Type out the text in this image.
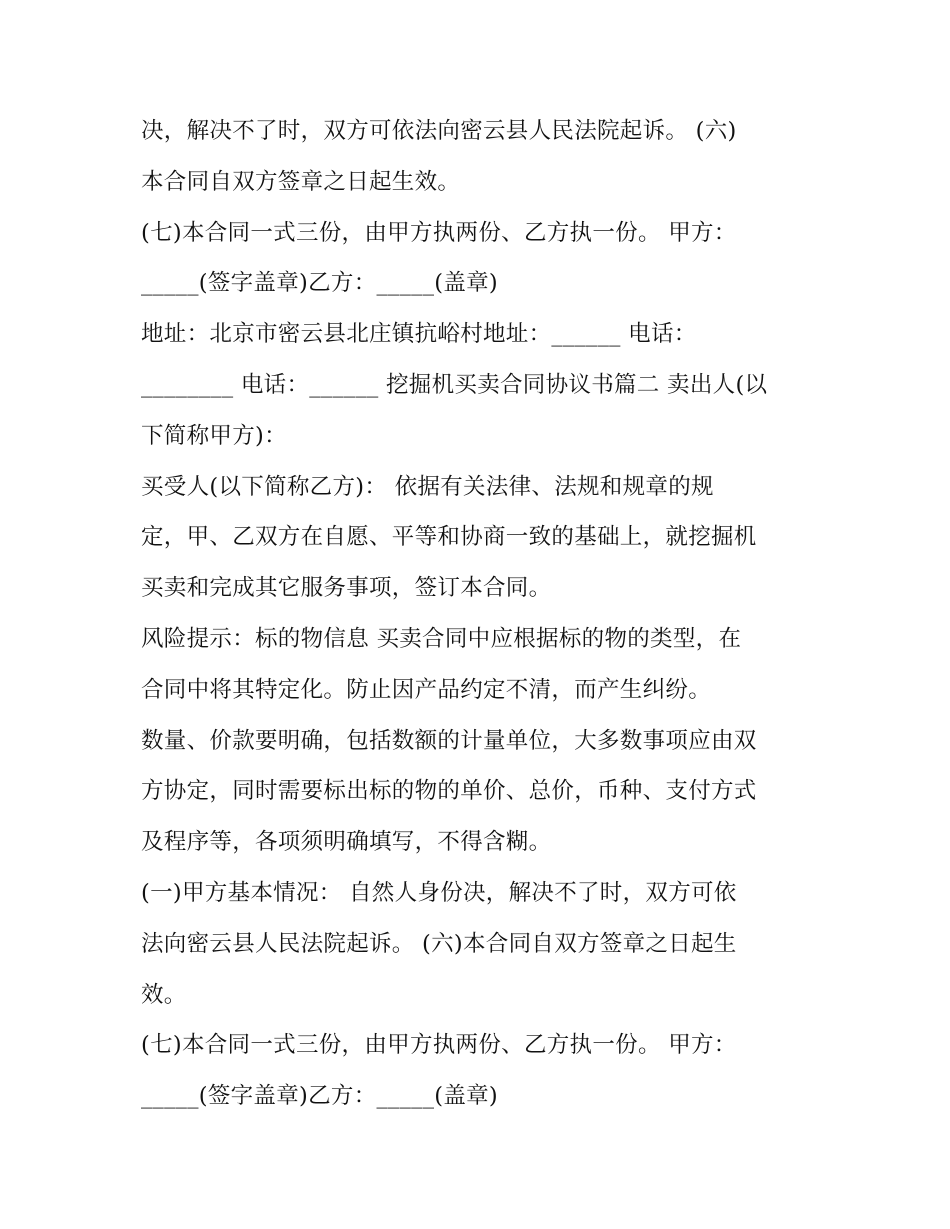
决，解决不了时，双方可依法向密云县人民法院起诉。 (六)
本合同自双方签章之日起生效。
(七)本合同一式三份，由甲方执两份、乙方执一份。 甲方：
_____(签字盖章)乙方：_____(盖章)
地址：北京市密云县北庄镇抗峪村地址：______ 电话：
________ 电话：______ 挖掘机买卖合同协议书篇二 卖出人(以
下简称甲方)：
买受人(以下简称乙方)： 依据有关法律、法规和规章的规
定，甲、乙双方在自愿、平等和协商一致的基础上，就挖掘机
买卖和完成其它服务事项，签订本合同。
风险提示：标的物信息 买卖合同中应根据标的物的类型，在
合同中将其特定化。防止因产品约定不清，而产生纠纷。
数量、价款要明确，包括数额的计量单位，大多数事项应由双
方协定，同时需要标出标的物的单价、总价，币种、支付方式
及程序等，各项须明确填写，不得含糊。
(一)甲方基本情况： 自然人身份决，解决不了时，双方可依
法向密云县人民法院起诉。 (六)本合同自双方签章之日起生
效。
(七)本合同一式三份，由甲方执两份、乙方执一份。 甲方：
_____(签字盖章)乙方：_____(盖章)
